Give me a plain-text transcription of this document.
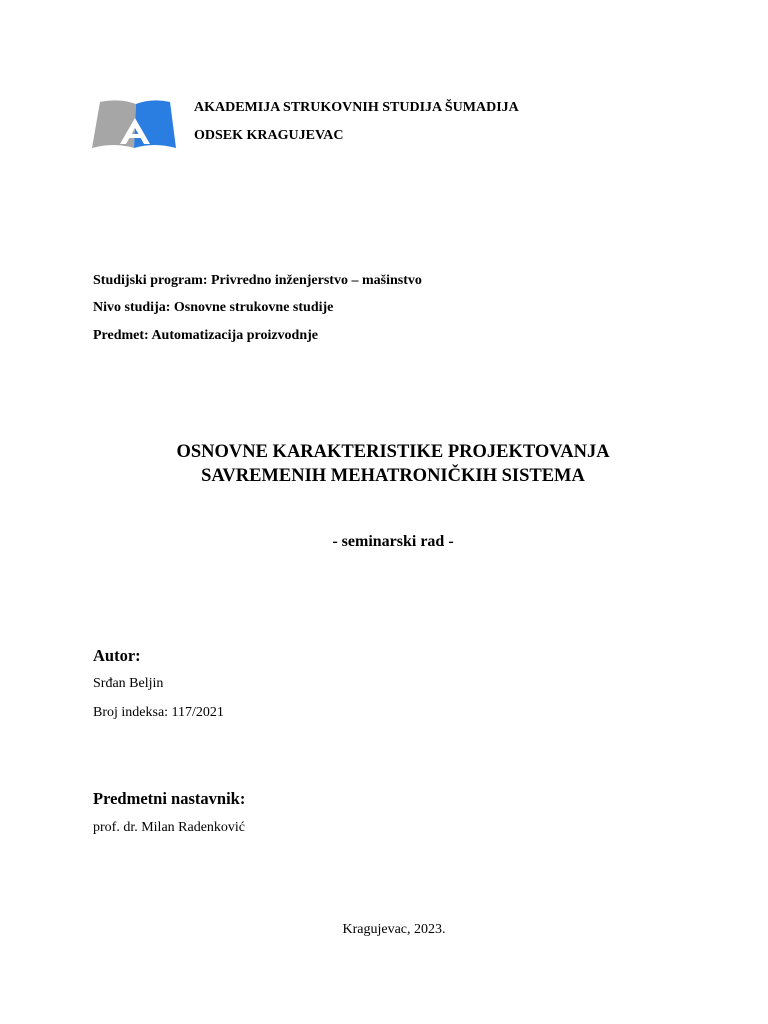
AKADEMIJA STRUKOVNIH STUDIJA ŠUMADIJA

ODSEK KRAGUJEVAC

Studijski program: Privredno inženjerstvo – mašinstvo

Nivo studija: Osnovne strukovne studije

Predmet: Automatizacija proizvodnje

OSNOVNE KARAKTERISTIKE PROJEKTOVANJA

SAVREMENIH MEHATRONIČKIH SISTEMA

- seminarski rad -

Autor:

Srđan Beljin

Broj indeksa: 117/2021

Predmetni nastavnik:

prof. dr. Milan Radenković

Kragujevac, 2023.
